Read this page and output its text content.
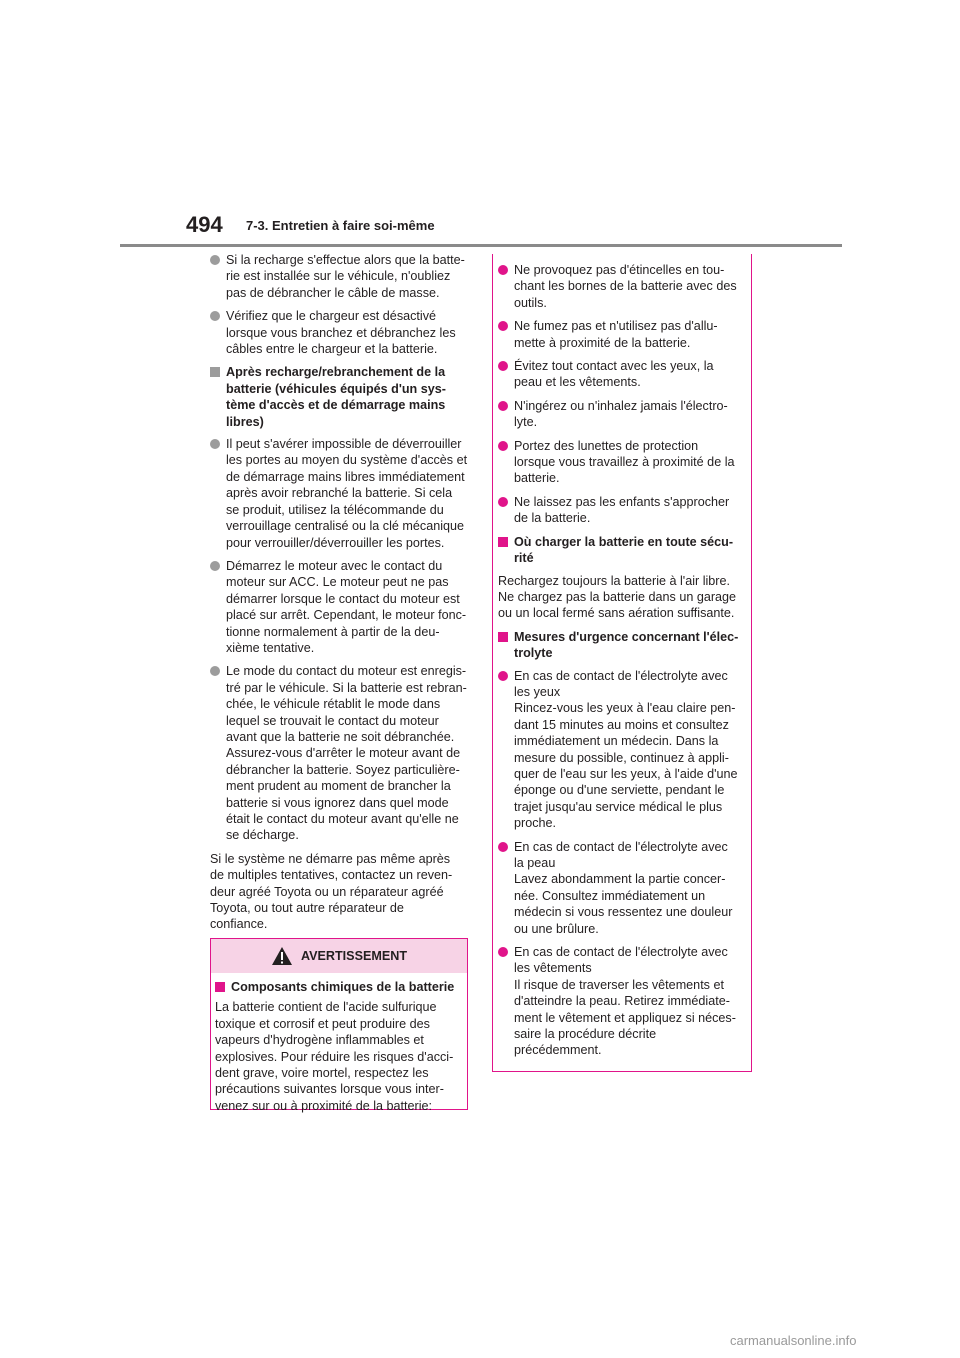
494 7-3. Entretien à faire soi-même
Si la recharge s'effectue alors que la batte-
rie est installée sur le véhicule, n'oubliez
pas de débrancher le câble de masse.
Vérifiez que le chargeur est désactivé
lorsque vous branchez et débranchez les
câbles entre le chargeur et la batterie.
Après recharge/rebranchement de la
batterie (véhicules équipés d'un sys-
tème d'accès et de démarrage mains
libres)
Il peut s'avérer impossible de déverrouiller
les portes au moyen du système d'accès et
de démarrage mains libres immédiatement
après avoir rebranché la batterie. Si cela
se produit, utilisez la télécommande du
verrouillage centralisé ou la clé mécanique
pour verrouiller/déverrouiller les portes.
Démarrez le moteur avec le contact du
moteur sur ACC. Le moteur peut ne pas
démarrer lorsque le contact du moteur est
placé sur arrêt. Cependant, le moteur fonc-
tionne normalement à partir de la deu-
xième tentative.
Le mode du contact du moteur est enregis-
tré par le véhicule. Si la batterie est rebran-
chée, le véhicule rétablit le mode dans
lequel se trouvait le contact du moteur
avant que la batterie ne soit débranchée.
Assurez-vous d'arrêter le moteur avant de
débrancher la batterie. Soyez particulière-
ment prudent au moment de brancher la
batterie si vous ignorez dans quel mode
était le contact du moteur avant qu'elle ne
se décharge.
Si le système ne démarre pas même après
de multiples tentatives, contactez un reven-
deur agréé Toyota ou un réparateur agréé
Toyota, ou tout autre réparateur de
confiance.
AVERTISSEMENT
Composants chimiques de la batterie
La batterie contient de l'acide sulfurique
toxique et corrosif et peut produire des
vapeurs d'hydrogène inflammables et
explosives. Pour réduire les risques d'acci-
dent grave, voire mortel, respectez les
précautions suivantes lorsque vous inter-
venez sur ou à proximité de la batterie:
Ne provoquez pas d'étincelles en tou-
chant les bornes de la batterie avec des
outils.
Ne fumez pas et n'utilisez pas d'allu-
mette à proximité de la batterie.
Évitez tout contact avec les yeux, la
peau et les vêtements.
N'ingérez ou n'inhalez jamais l'électro-
lyte.
Portez des lunettes de protection
lorsque vous travaillez à proximité de la
batterie.
Ne laissez pas les enfants s'approcher
de la batterie.
Où charger la batterie en toute sécu-
rité
Rechargez toujours la batterie à l'air libre.
Ne chargez pas la batterie dans un garage
ou un local fermé sans aération suffisante.
Mesures d'urgence concernant l'élec-
trolyte
En cas de contact de l'électrolyte avec
les yeux
Rincez-vous les yeux à l'eau claire pen-
dant 15 minutes au moins et consultez
immédiatement un médecin. Dans la
mesure du possible, continuez à appli-
quer de l'eau sur les yeux, à l'aide d'une
éponge ou d'une serviette, pendant le
trajet jusqu'au service médical le plus
proche.
En cas de contact de l'électrolyte avec
la peau
Lavez abondamment la partie concer-
née. Consultez immédiatement un
médecin si vous ressentez une douleur
ou une brûlure.
En cas de contact de l'électrolyte avec
les vêtements
Il risque de traverser les vêtements et
d'atteindre la peau. Retirez immédiate-
ment le vêtement et appliquez si néces-
saire la procédure décrite
précédemment.
carmanualsonline.info
